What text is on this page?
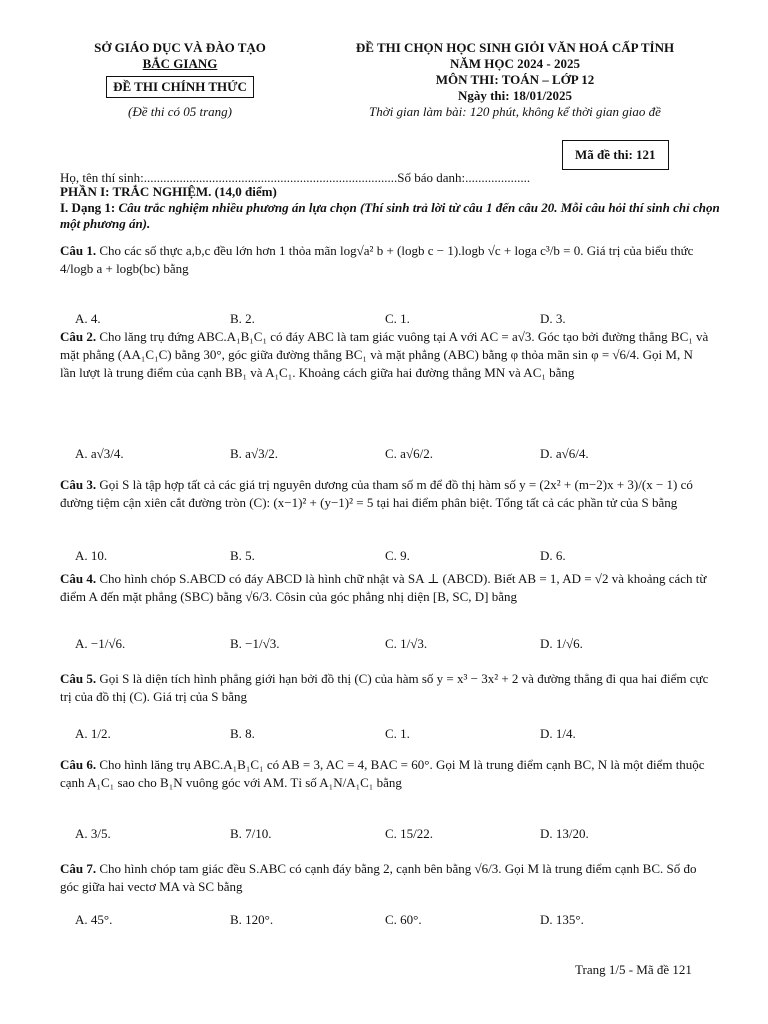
SỞ GIÁO DỤC VÀ ĐÀO TẠO
BẮC GIANG
ĐỀ THI CHÍNH THỨC
(Đề thi có 05 trang)
ĐỀ THI CHỌN HỌC SINH GIỎI VĂN HOÁ CẤP TỈNH
NĂM HỌC 2024 - 2025
MÔN THI: TOÁN – LỚP 12
Ngày thi: 18/01/2025
Thời gian làm bài: 120 phút, không kể thời gian giao đề
Mã đề thi: 121
Họ, tên thí sinh:..............................................................................Số báo danh:....................
PHẦN I: TRẮC NGHIỆM. (14,0 điểm)
I. Dạng 1: Câu trắc nghiệm nhiều phương án lựa chọn (Thí sinh trả lời từ câu 1 đến câu 20. Mỗi câu hỏi thí sinh chỉ chọn một phương án).
Câu 1. Cho các số thực a,b,c đều lớn hơn 1 thỏa mãn log√a² b + (logb c − 1).logb √c + loga c³/b = 0. Giá trị của biểu thức 4/logb a + logb(bc) bằng
A. 4.	B. 2.	C. 1.	D. 3.
Câu 2. Cho lăng trụ đứng ABC.A₁B₁C₁ có đáy ABC là tam giác vuông tại A với AC = a√3. Góc tạo bởi đường thẳng BC₁ và mặt phẳng (AA₁C₁C) bằng 30°, góc giữa đường thẳng BC₁ và mặt phẳng (ABC) bằng φ thỏa mãn sin φ = √6/4. Gọi M, N lần lượt là trung điểm của cạnh BB₁ và A₁C₁. Khoảng cách giữa hai đường thẳng MN và AC₁ bằng
A. a√3/4.	B. a√3/2.	C. a√6/2.	D. a√6/4.
Câu 3. Gọi S là tập hợp tất cả các giá trị nguyên dương của tham số m để đồ thị hàm số y = (2x² + (m−2)x + 3)/(x − 1) có đường tiệm cận xiên cắt đường tròn (C): (x−1)² + (y−1)² = 5 tại hai điểm phân biệt. Tổng tất cả các phần tử của S bằng
A. 10.	B. 5.	C. 9.	D. 6.
Câu 4. Cho hình chóp S.ABCD có đáy ABCD là hình chữ nhật và SA ⊥ (ABCD). Biết AB = 1, AD = √2 và khoảng cách từ điểm A đến mặt phẳng (SBC) bằng √6/3. Côsin của góc phẳng nhị diện [B, SC, D] bằng
A. −1/√6.	B. −1/√3.	C. 1/√3.	D. 1/√6.
Câu 5. Gọi S là diện tích hình phẳng giới hạn bởi đồ thị (C) của hàm số y = x³ − 3x² + 2 và đường thẳng đi qua hai điểm cực trị của đồ thị (C). Giá trị của S bằng
A. 1/2.	B. 8.	C. 1.	D. 1/4.
Câu 6. Cho hình lăng trụ ABC.A₁B₁C₁ có AB = 3, AC = 4, BAC = 60°. Gọi M là trung điểm cạnh BC, N là một điểm thuộc cạnh A₁C₁ sao cho B₁N vuông góc với AM. Tỉ số A₁N/A₁C₁ bằng
A. 3/5.	B. 7/10.	C. 15/22.	D. 13/20.
Câu 7. Cho hình chóp tam giác đều S.ABC có cạnh đáy bằng 2, cạnh bên bằng √6/3. Gọi M là trung điểm cạnh BC. Số đo góc giữa hai vectơ MA và SC bằng
A. 45°.	B. 120°.	C. 60°.	D. 135°.
Trang 1/5 - Mã đề 121
